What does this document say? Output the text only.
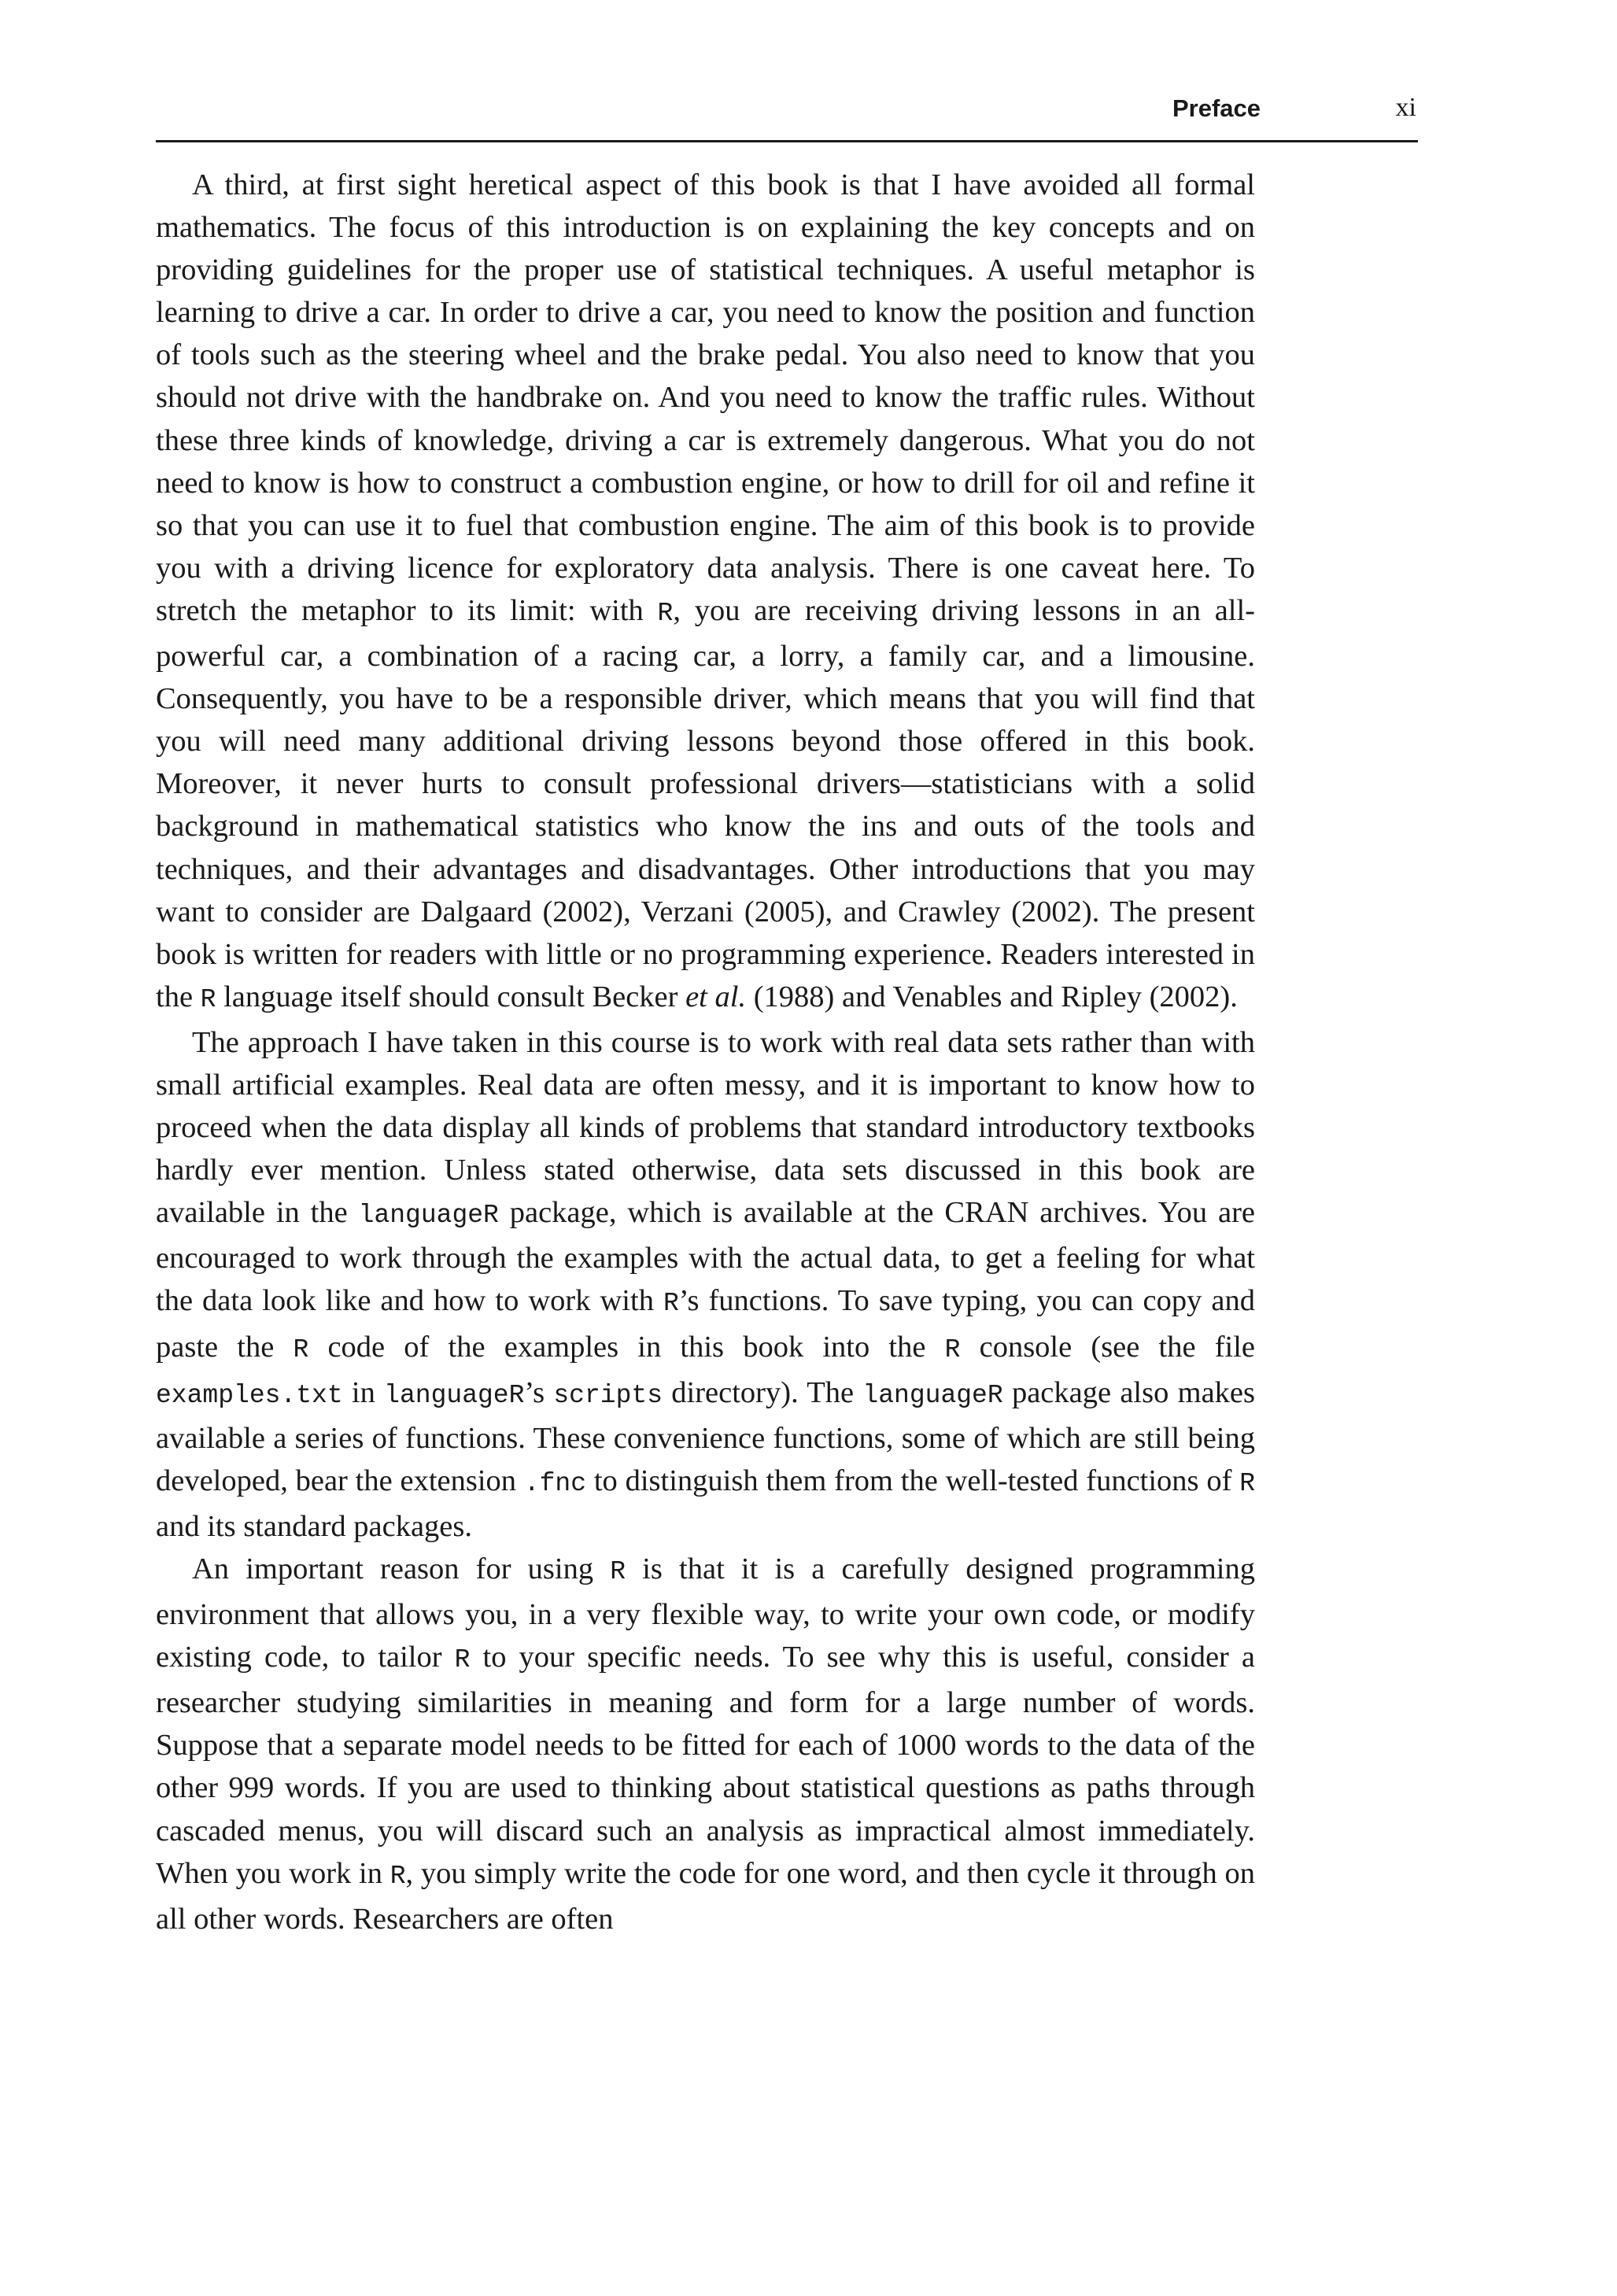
Preface	xi

A third, at first sight heretical aspect of this book is that I have avoided all formal mathematics. The focus of this introduction is on explaining the key concepts and on providing guidelines for the proper use of statistical techniques. A useful metaphor is learning to drive a car. In order to drive a car, you need to know the position and function of tools such as the steering wheel and the brake pedal. You also need to know that you should not drive with the handbrake on. And you need to know the traffic rules. Without these three kinds of knowledge, driving a car is extremely dangerous. What you do not need to know is how to construct a combustion engine, or how to drill for oil and refine it so that you can use it to fuel that combustion engine. The aim of this book is to provide you with a driving licence for exploratory data analysis. There is one caveat here. To stretch the metaphor to its limit: with R, you are receiving driving lessons in an all-powerful car, a combination of a racing car, a lorry, a family car, and a limousine. Consequently, you have to be a responsible driver, which means that you will find that you will need many additional driving lessons beyond those offered in this book. Moreover, it never hurts to consult professional drivers—statisticians with a solid background in mathematical statistics who know the ins and outs of the tools and techniques, and their advantages and disadvantages. Other introductions that you may want to consider are Dalgaard (2002), Verzani (2005), and Crawley (2002). The present book is written for readers with little or no programming experience. Readers interested in the R language itself should consult Becker et al. (1988) and Venables and Ripley (2002).

The approach I have taken in this course is to work with real data sets rather than with small artificial examples. Real data are often messy, and it is important to know how to proceed when the data display all kinds of problems that standard introductory textbooks hardly ever mention. Unless stated otherwise, data sets discussed in this book are available in the languageR package, which is available at the CRAN archives. You are encouraged to work through the examples with the actual data, to get a feeling for what the data look like and how to work with R’s functions. To save typing, you can copy and paste the R code of the examples in this book into the R console (see the file examples.txt in languageR’s scripts directory). The languageR package also makes available a series of functions. These convenience functions, some of which are still being developed, bear the extension .fnc to distinguish them from the well-tested functions of R and its standard packages.

An important reason for using R is that it is a carefully designed programming environment that allows you, in a very flexible way, to write your own code, or modify existing code, to tailor R to your specific needs. To see why this is useful, consider a researcher studying similarities in meaning and form for a large number of words. Suppose that a separate model needs to be fitted for each of 1000 words to the data of the other 999 words. If you are used to thinking about statistical questions as paths through cascaded menus, you will discard such an analysis as impractical almost immediately. When you work in R, you simply write the code for one word, and then cycle it through on all other words. Researchers are often
